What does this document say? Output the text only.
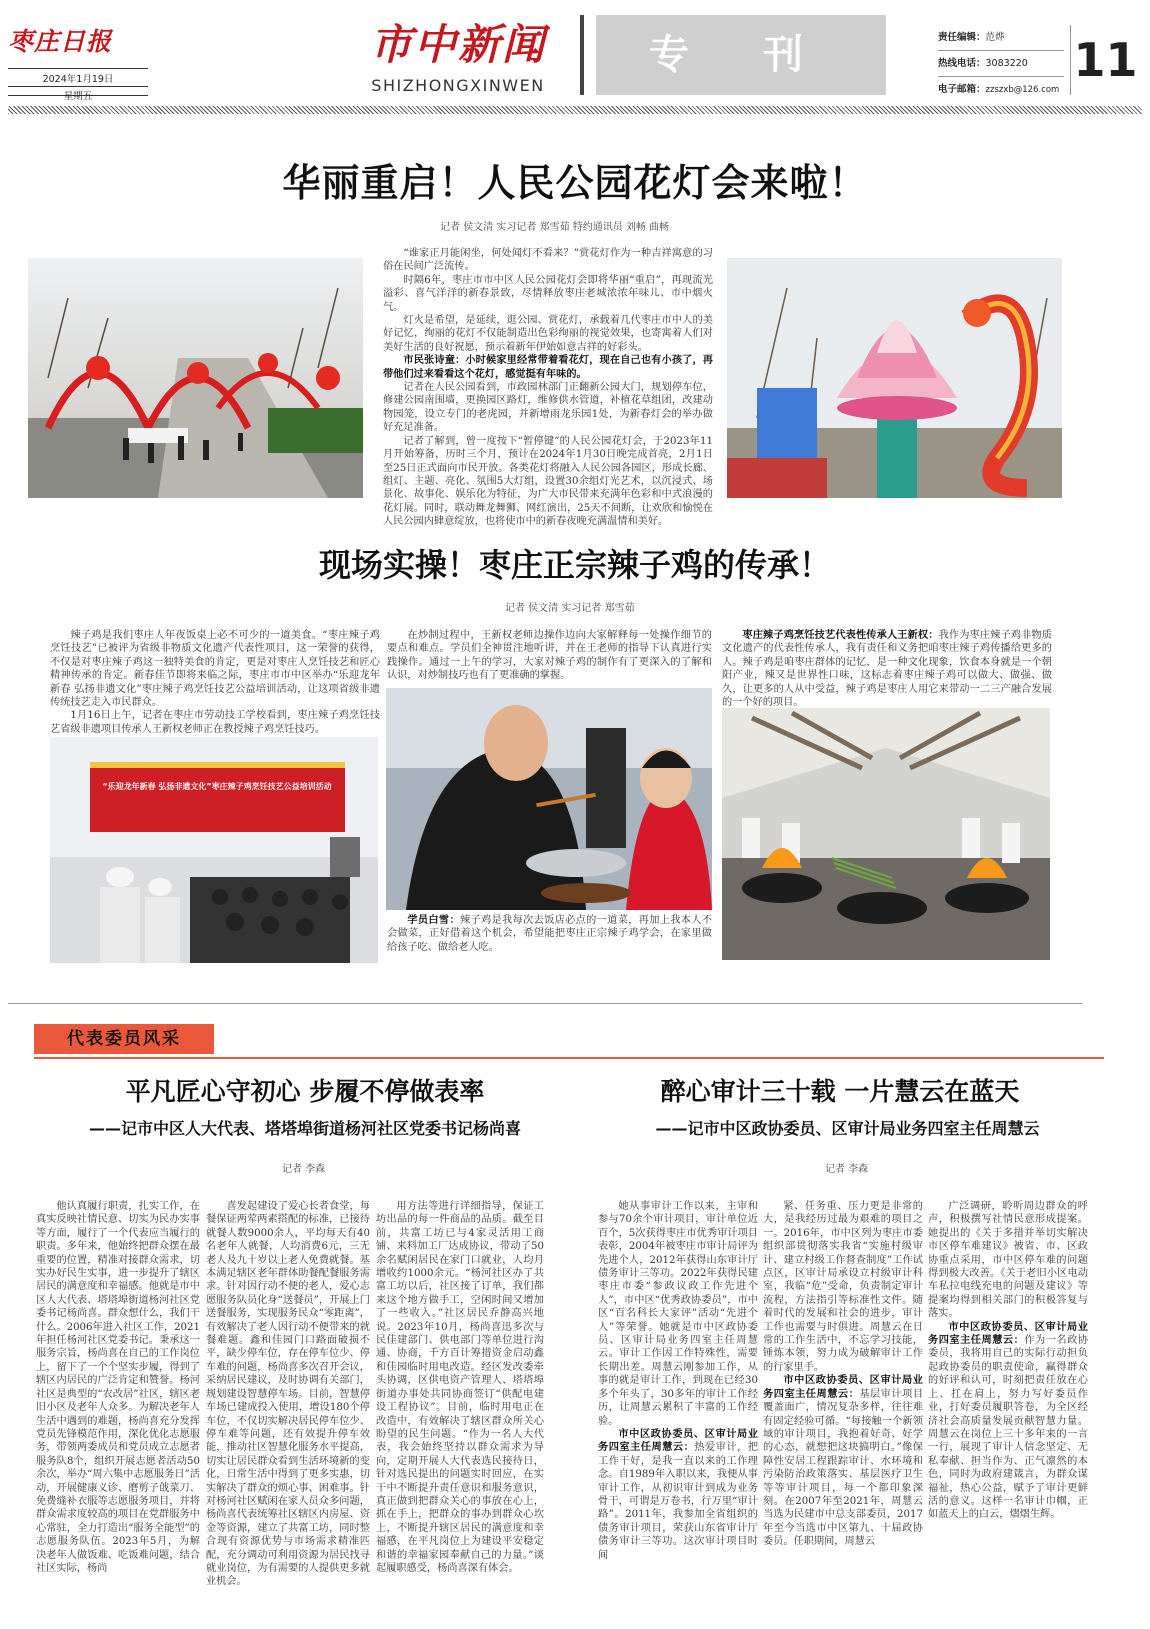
枣庄日报
2024年1月19日
星期五
市中新闻
SHIZHONGXINWEN
专 刊	责任编辑：范烨
热线电话：3083220
电子邮箱：zzszxb@126.com
11
华丽重启！人民公园花灯会来啦！
记者 侯文清 实习记者 郑雪茹 特约通讯员 刘畅 曲畅

“谁家正月能闲坐，何处闻灯不看来？”赏花灯作为一种吉祥寓意的习俗在民间广泛流传。

时隔6年，枣庄市市中区人民公园花灯会即将华丽“重启”，再现流光溢彩、喜气洋洋的新春景致，尽情释放枣庄老城浓浓年味儿、市中烟火气。

灯火是希望，是延续，逛公园、赏花灯，承载着几代枣庄市中人的美好记忆，绚丽的花灯不仅能制造出色彩绚丽的视觉效果，也寄寓着人们对美好生活的良好祝愿，预示着新年伊始如意吉祥的好彩头。

市民张诗童：小时候家里经常带着看花灯，现在自己也有小孩了，再带他们过来看看这个花灯，感觉挺有年味的。

记者在人民公园看到，市政园林部门正翻新公园大门，规划停车位，修建公园南围墙，更换园区路灯，维修供水管道，补植花草组团，改建动物园笼，设立专门的老虎园，并新增雨龙乐园1处，为新春灯会的举办做好充足准备。

记者了解到，曾一度按下“暂停键”的人民公园花灯会，于2023年11月开始筹备，历时三个月，预计在2024年1月30日晚完成首亮，2月1日至25日正式面向市民开放。各类花灯将融入人民公园各园区，形成长廊、组灯、主题、亮化、氛围5大灯组，设置30余组灯光艺术，以沉浸式、场景化、故事化、娱乐化为特征，为广大市民带来充满年色彩和中式浪漫的花灯展。同时，联动舞龙舞狮、网红演出，25天不间断，让欢欣和愉悦在人民公园内肆意绽放，也将使市中的新春夜晚充满温情和美好。

现场实操！枣庄正宗辣子鸡的传承！
记者 侯文清 实习记者 郑雪茹

辣子鸡是我们枣庄人年夜饭桌上必不可少的一道美食。“枣庄辣子鸡烹饪技艺”已被评为省级非物质文化遗产代表性项目，这一荣誉的获得，不仅是对枣庄辣子鸡这一独特美食的肯定，更是对枣庄人烹饪技艺和匠心精神传承的肯定。新春佳节即将来临之际，枣庄市市中区举办“乐迎龙年新春 弘扬非遗文化”枣庄辣子鸡烹饪技艺公益培训活动，让这项省级非遗传统技艺走入市民群众。

1月16日上午，记者在枣庄市劳动技工学校看到，枣庄辣子鸡烹饪技艺省级非遗项目传承人王新权老师正在教授辣子鸡烹饪技巧。

在炒制过程中，王新权老师边操作边向大家解释每一处操作细节的要点和难点。学员们全神贯注地听讲，并在王老师的指导下认真进行实践操作。通过一上午的学习，大家对辣子鸡的制作有了更深入的了解和认识，对炒制技巧也有了更准确的掌握。

枣庄辣子鸡烹饪技艺代表性传承人王新权：我作为枣庄辣子鸡非物质文化遗产的代表性传承人，我有责任和义务把咱枣庄辣子鸡传播给更多的人。辣子鸡是咱枣庄群体的记忆，是一种文化现象，饮食本身就是一个朝阳产业，辣又是世界性口味，这标志着枣庄辣子鸡可以做大、做强、做久，让更多的人从中受益，辣子鸡是枣庄人用它来带动一二三产融合发展的一个好的项目。

“乐迎龙年新春 弘扬非遗文化”枣庄辣子鸡烹饪技艺公益培训活动

学员白雪：辣子鸡是我每次去饭店必点的一道菜，再加上我本人不会做菜，正好借着这个机会，希望能把枣庄正宗辣子鸡学会，在家里做给孩子吃、做给老人吃。

代表委员风采
平凡匠心守初心 步履不停做表率
——记市中区人大代表、塔塔埠街道杨河社区党委书记杨尚喜
记者 李森

他认真履行职责，扎实工作，在真实反映社情民意、切实为民办实事等方面，履行了一个代表应当履行的职责。多年来，他始终把群众摆在最重要的位置，精准对接群众需求，切实办好民生实事，进一步提升了辖区居民的满意度和幸福感。他就是市中区人大代表、塔塔埠街道杨河社区党委书记杨尚喜。群众想什么，我们干什么。2006年进入社区工作，2021年担任杨河社区党委书记。秉承这一服务宗旨，杨尚喜在自己的工作岗位上，留下了一个个坚实步履，得到了辖区内居民的广泛肯定和赞誉。杨河社区是典型的“农改居”社区，辖区老旧小区及老年人众多。为解决老年人生活中遇到的难题，杨尚喜充分发挥党员先锋模范作用，深化优化志愿服务，带领两委成员和党员成立志愿者服务队8个，组织开展志愿者活动50余次，举办“周六集中志愿服务日”活动，开展健康义诊、磨剪子戗菜刀、免费缝补衣服等志愿服务项目，并将群众需求度较高的项目在党群服务中心常驻，全力打造出“服务全能型”的志愿服务队伍。2023年5月，为解决老年人做饭难、吃饭难问题，结合社区实际，杨尚

喜发起建设了爱心长者食堂，每餐保证两荤两素搭配的标准，已接待就餐人数9000余人，平均每天有40名老年人就餐，人均消费6元，三无老人及九十岁以上老人免费就餐。基本满足辖区老年群体助餐配餐服务需求。针对因行动不便的老人，爱心志愿服务队员化身“送餐员”，开展上门送餐服务，实现服务民众“零距离”，有效解决了老人因行动不便带来的就餐难题。鑫和佳园门口路面破损不平，缺少停车位，存在停车位少、停车难的问题，杨尚喜多次召开会议，采纳居民建议，及时协调有关部门，规划建设智慧停车场。目前，智慧停车场已建成投入使用，增设180个停车位，不仅切实解决居民停车位少、停车难等问题，还有效提升停车效能，推动社区智慧化服务水平提高，切实让居民群众看到生活环境新的变化，日常生活中得到了更多实惠，切实解决了群众的烦心事、困难事。针对杨河社区赋闲在家人员众多问题，杨尚喜代表统筹社区辖区内房屋、资金等资源，建立了共富工坊，同时整合现有资源优势与市场需求精准匹配，充分调动可利用资源为居民找寻就业岗位，为有需要的人提供更多就业机会。

用方法等进行详细指导，保证工坊出品的每一件商品的品质。截至目前，共富工坊已与4家灵活用工商铺、来料加工厂达成协议，带动了50余名赋闲居民在家门口就业，人均月增收约1000余元。“杨河社区办了共富工坊以后，社区接了订单，我们都来这个地方做手工，空闲时间又增加了一些收入。”社区居民乔静高兴地说。2023年10月，杨尚喜迅多次与民佳建部门、供电部门等单位进行沟通、协商，千方百计筹措资金启动鑫和佳园临时用电改造。经区发改委牵头协调，区供电资产管理人、塔塔埠街道办事处共同协商签订“供配电建设工程协议”。目前，临时用电正在改造中，有效解决了辖区群众所关心盼望的民生问题。“作为一名人大代表，我会始终坚持以群众需求为导向，定期开展人大代表选民接待日，针对选民提出的问题实时回应，在实干中不断提升责任意识和服务意识，真正做到把群众关心的事放在心上，抓在手上，把群众的事办到群众心坎上，不断提升辖区居民的满意度和幸福感，在平凡岗位上为建设平安稳定和谐的幸福家园奉献自己的力量。”谈起履职感受，杨尚喜深有体会。

醉心审计三十载 一片慧云在蓝天
——记市中区政协委员、区审计局业务四室主任周慧云
记者 李森

她从事审计工作以来，主审和参与70余个审计项目，审计单位近百个，5次获得枣庄市优秀审计项目表彰，2004年被枣庄市审计局评为先进个人，2012年获得山东审计厅债务审计三等功。2022年获得民建枣庄市委“参政议政工作先进个人”，市中区“优秀政协委员”，市中区“百名科长大家评”活动“先进个人”等荣誉。她就是市中区政协委员、区审计局业务四室主任周慧云。审计工作因工作特殊性，需要长期出差。周慧云刚参加工作，从事的就是审计工作，到现在已经30多个年头了，30多年的审计工作经历，让周慧云累积了丰富的工作经验。

市中区政协委员、区审计局业务四室主任周慧云：热爱审计，把工作干好，是我一直以来的工作理念。自1989年入职以来，我便从事审计工作，从初识审计到成为业务骨干，可谓是万卷书，行万里“审计路”。2011年，我参加全省组织的债务审计项目，荣获山东省审计厅债务审计三等功。这次审计项目时间

紧、任务重、压力更是非常的大，是我经历过最为艰难的项目之一。2016年，市中区列为枣庄市委组织部贯彻落实我省“实施村级审计、建立村级工作督查制度”工作试点区，区审计局承设立村级审计科室，我临“危”受命，负责制定审计流程，方法指引等标准性文件。随着时代的发展和社会的进步，审计工作也需要与时俱进。周慧云在日常的工作生活中，不忘学习技能，锤炼本领，努力成为破解审计工作的行家里手。

市中区政协委员、区审计局业务四室主任周慧云：基层审计项目覆盖面广，情况复杂多样，往往难有固定经验可循。“每接触一个新领域的审计项目，我抱着好奇、好学的心态，就想把这块搞明白。”像保障性安居工程跟踪审计、水环境和污染防治政策落实、基层医疗卫生等等审计项目，每一个都印象深刻。在2007年至2021年，周慧云当选为民建市中总支部委员，2017年至今当选市中区第九、十届政协委员。任职期间，周慧云

广泛调研，聆听周边群众的呼声，积极撰写社情民意形成提案。她提出的《关于多措并举切实解决市区停车难建议》被省、市、区政协重点采用，市中区停车难的问题得到极大改善。《关于老旧小区电动车私拉电线充电的问题及建议》等提案均得到相关部门的积极答复与落实。

市中区政协委员、区审计局业务四室主任周慧云：作为一名政协委员，我将用自己的实际行动担负起政协委员的职责使命，赢得群众的好评和认可，时刻把责任放在心上、扛在肩上，努力写好委员作业，打好委员履职答卷，为全区经济社会高质量发展贡献智慧力量。周慧云在岗位上三十多年来的一言一行，展现了审计人信念坚定、无私奉献、担当作为、正气凛然的本色，同时为政府建箴言，为群众谋福祉，热心公益，赋予了审计更鲜活的意义。这样一名审计巾帼，正如蓝天上的白云，熠熠生辉。
